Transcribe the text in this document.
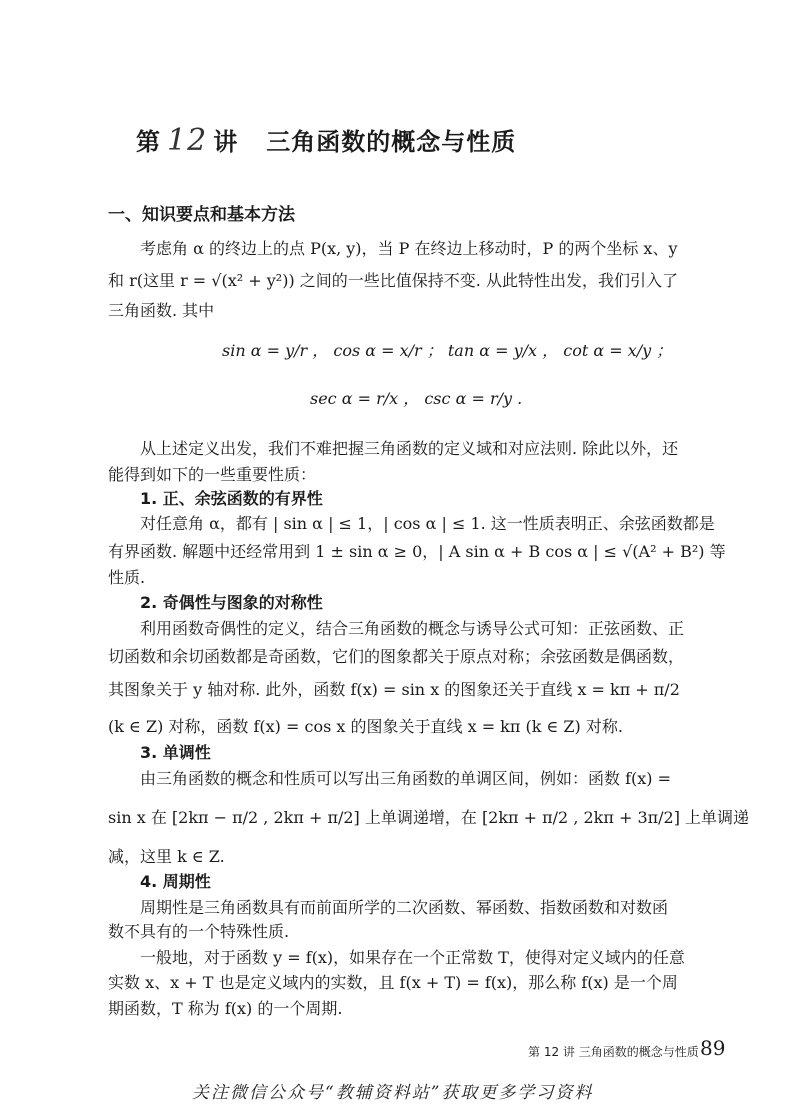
第 12 讲 三角函数的概念与性质
一、知识要点和基本方法
考虑角 α 的终边上的点 P(x, y)，当 P 在终边上移动时，P 的两个坐标 x、y
和 r(这里 r = √(x² + y²)) 之间的一些比值保持不变. 从此特性出发，我们引入了
三角函数. 其中
sin α = y/r ， cos α = x/r ； tan α = y/x ， cot α = x/y ；
sec α = r/x ， csc α = r/y .
从上述定义出发，我们不难把握三角函数的定义域和对应法则. 除此以外，还
能得到如下的一些重要性质：
1. 正、余弦函数的有界性
对任意角 α，都有 | sin α | ≤ 1，| cos α | ≤ 1. 这一性质表明正、余弦函数都是
有界函数. 解题中还经常用到 1 ± sin α ≥ 0，| A sin α + B cos α | ≤ √(A² + B²) 等
性质.
2. 奇偶性与图象的对称性
利用函数奇偶性的定义，结合三角函数的概念与诱导公式可知：正弦函数、正
切函数和余切函数都是奇函数，它们的图象都关于原点对称；余弦函数是偶函数，
其图象关于 y 轴对称. 此外，函数 f(x) = sin x 的图象还关于直线 x = kπ + π/2
(k ∈ Z) 对称，函数 f(x) = cos x 的图象关于直线 x = kπ (k ∈ Z) 对称.
3. 单调性
由三角函数的概念和性质可以写出三角函数的单调区间，例如：函数 f(x) =
sin x 在 [2kπ − π/2 , 2kπ + π/2] 上单调递增，在 [2kπ + π/2 , 2kπ + 3π/2] 上单调递
减，这里 k ∈ Z.
4. 周期性
周期性是三角函数具有而前面所学的二次函数、幂函数、指数函数和对数函
数不具有的一个特殊性质.
一般地，对于函数 y = f(x)，如果存在一个正常数 T，使得对定义域内的任意
实数 x、x + T 也是定义域内的实数，且 f(x + T) = f(x)，那么称 f(x) 是一个周
期函数，T 称为 f(x) 的一个周期.
第 12 讲 三角函数的概念与性质 89
关注微信公众号“教辅资料站”获取更多学习资料
